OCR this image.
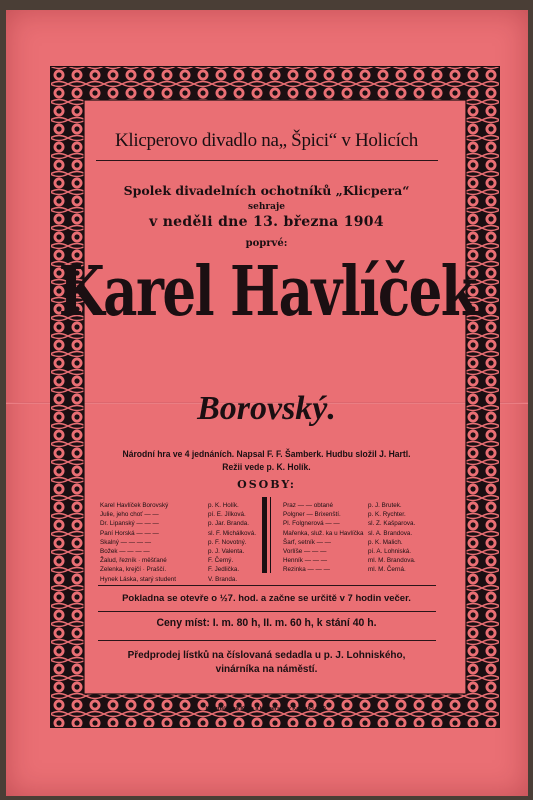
Klicperovo divadlo na„ Špici“ v Holicích
Spolek divadelních ochotníků „Klicpera“
sehraje
v neděli dne 13. března 1904
poprvé:
Karel Havlíček
Borovský.
Národní hra ve 4 jednáních. Napsal F. F. Šamberk. Hudbu složil J. Hartl.
Režii vede p. K. Holík.
OSOBY:
Karel Havlíček Borovský	p. K. Holík.
Julie, jeho choť — —	pí. E. Jílková.
Dr. Lipanský — — —	p. Jar. Branda.
Paní Horská — — —	sl. F. Michálková.
Skalný — — — —	p. F. Novotný.
Božek — — — —	p. J. Valenta.
Žalud, řezník · měšťané	F. Černý.
Zelenka, krejčí · Praščí.	F. Jedlička.
Hynek Láska, starý student	V. Branda.
Praz — — obtané	p. J. Brutek.
Polgner — Brixenští.	p. K. Rychter.
Pl. Folgnerová — —	sl. Z. Kašparova.
Mařenka, služ. ka u Havlíčka sl. A. Brandova.
Šarf, setník — —	p. K. Malich.
Vorlíše — — —	pí. A. Lohniská.
Henník — — —	ml. M. Brandova.
Rezinka — — —	ml. M. Černá.
Pokladna se otevře o ½7. hod. a začne se určitě v 7 hodin večer.
Ceny míst: I. m. 80 h, II. m. 60 h, k stání 40 h.
Předprodej lístků na číslovaná sedadla u p. J. Lohniského,
vinárníka na náměstí.
Knihtiskárna Kusa a Hamerský v Kostelci n. O.
